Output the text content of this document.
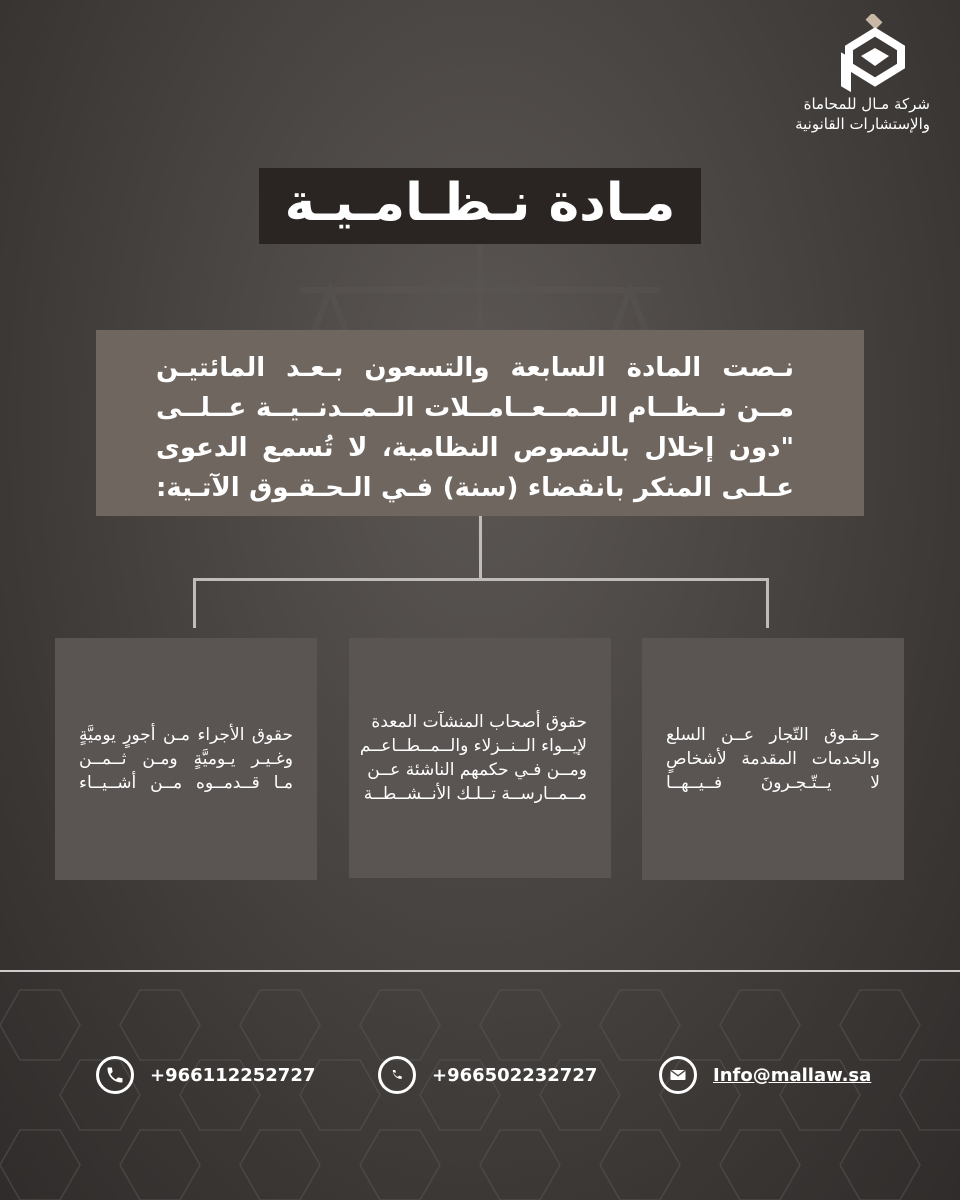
شركة مـال للمحاماة
والإستشارات القانونية
مـادة نـظـامـيـة
نـصت المادة السابعة والتسعون بـعـد المائتيـن
مــن نــظــام الــمــعــامــلات الــمــدنــيــة عــلــى
"دون إخلال بالنصوص النظامية، لا تُسمع الدعوى
عـلـى المنكر بانقضاء (سنة) فـي الـحـقـوق الآتـية:
حــقـوق التّجار عــن السلع
والخدمات المقدمة لأشخاصٍ
لا يــتّـجـرونَ فــيــهــا
حقوق أصحاب المنشآت المعدة
لإيــواء الــنــزلاء والــمــطــاعــم
ومــن فـي حكمهم الناشئة عــن
مــمــارســة تــلـك الأنــشــطــة
حقوق الأجراء مـن أجورٍ يوميَّةٍ
وغـيـر يـوميَّةٍ ومـن ثــمــن
مـا قــدمــوه مــن أشــيــاء
+966112252727	+966502232727	Info@mallaw.sa
